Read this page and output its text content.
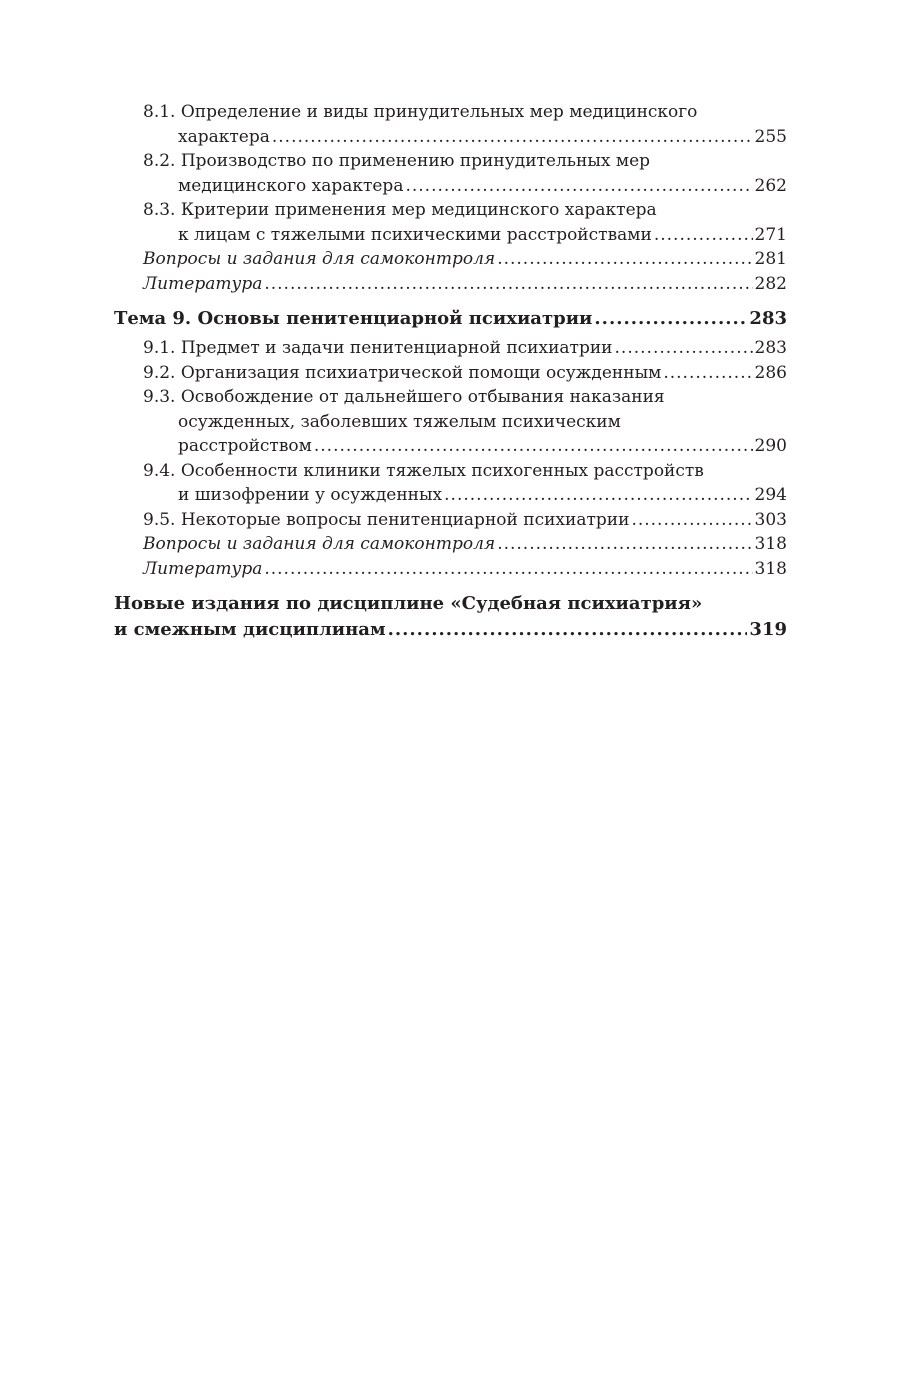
8.1. Определение и виды принудительных мер медицинского
характера .....	255
8.2. Производство по применению принудительных мер
медицинского характера .....	262
8.3. Критерии применения мер медицинского характера
к лицам с тяжелыми психическими расстройствами .....	271
Вопросы и задания для самоконтроля .....	281
Литература .....	282
Тема 9. Основы пенитенциарной психиатрии .....	283
9.1. Предмет и задачи пенитенциарной психиатрии .....	283
9.2. Организация психиатрической помощи осужденным .....	286
9.3. Освобождение от дальнейшего отбывания наказания
осужденных, заболевших тяжелым психическим
расстройством .....	290
9.4. Особенности клиники тяжелых психогенных расстройств
и шизофрении у осужденных .....	294
9.5. Некоторые вопросы пенитенциарной психиатрии .....	303
Вопросы и задания для самоконтроля .....	318
Литература .....	318
Новые издания по дисциплине «Судебная психиатрия»
и смежным дисциплинам .....	319
